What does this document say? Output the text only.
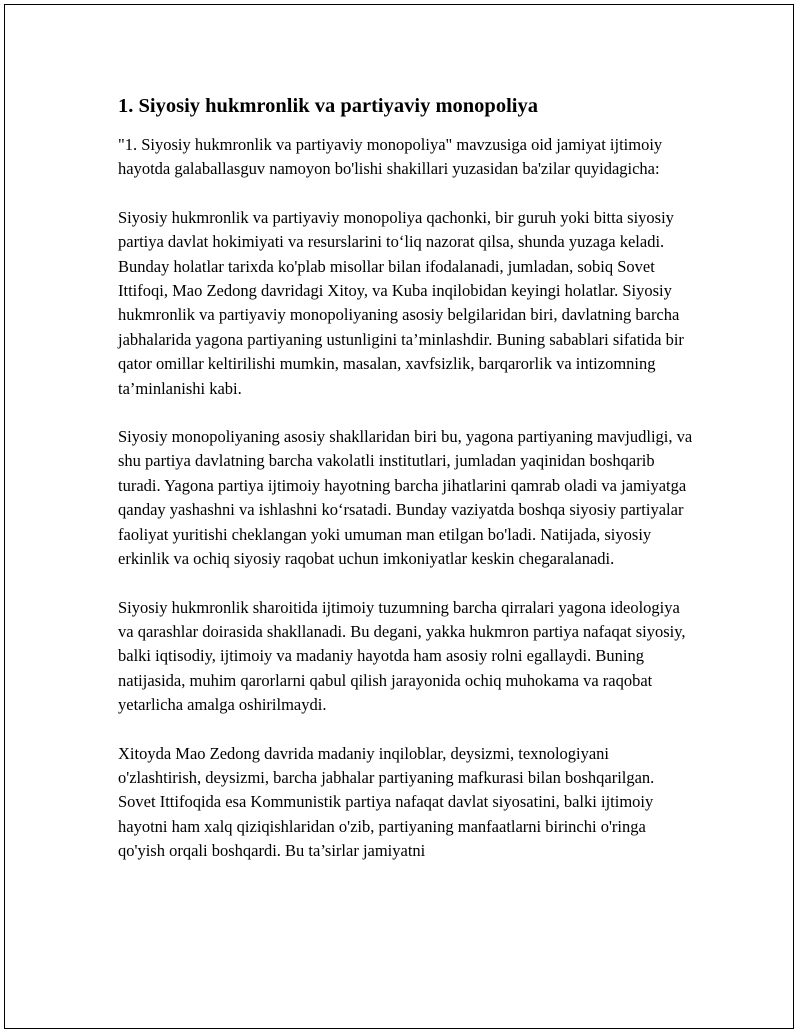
1. Siyosiy hukmronlik va partiyaviy monopoliya

"1. Siyosiy hukmronlik va partiyaviy monopoliya" mavzusiga oid jamiyat ijtimoiy hayotda galaballasguv namoyon bo'lishi shakillari yuzasidan ba'zilar quyidagicha:

Siyosiy hukmronlik va partiyaviy monopoliya qachonki, bir guruh yoki bitta siyosiy partiya davlat hokimiyati va resurslarini to‘liq nazorat qilsa, shunda yuzaga keladi. Bunday holatlar tarixda ko'plab misollar bilan ifodalanadi, jumladan, sobiq Sovet Ittifoqi, Mao Zedong davridagi Xitoy, va Kuba inqilobidan keyingi holatlar. Siyosiy hukmronlik va partiyaviy monopoliyaning asosiy belgilaridan biri, davlatning barcha jabhalarida yagona partiyaning ustunligini ta’minlashdir. Buning sabablari sifatida bir qator omillar keltirilishi mumkin, masalan, xavfsizlik, barqarorlik va intizomning ta’minlanishi kabi.

Siyosiy monopoliyaning asosiy shakllaridan biri bu, yagona partiyaning mavjudligi, va shu partiya davlatning barcha vakolatli institutlari, jumladan yaqinidan boshqarib turadi. Yagona partiya ijtimoiy hayotning barcha jihatlarini qamrab oladi va jamiyatga qanday yashashni va ishlashni ko‘rsatadi. Bunday vaziyatda boshqa siyosiy partiyalar faoliyat yuritishi cheklangan yoki umuman man etilgan bo'ladi. Natijada, siyosiy erkinlik va ochiq siyosiy raqobat uchun imkoniyatlar keskin chegaralanadi.

Siyosiy hukmronlik sharoitida ijtimoiy tuzumning barcha qirralari yagona ideologiya va qarashlar doirasida shakllanadi. Bu degani, yakka hukmron partiya nafaqat siyosiy, balki iqtisodiy, ijtimoiy va madaniy hayotda ham asosiy rolni egallaydi. Buning natijasida, muhim qarorlarni qabul qilish jarayonida ochiq muhokama va raqobat yetarlicha amalga oshirilmaydi.

Xitoyda Mao Zedong davrida madaniy inqiloblar, deysizmi, texnologiyani o'zlashtirish, deysizmi, barcha jabhalar partiyaning mafkurasi bilan boshqarilgan. Sovet Ittifoqida esa Kommunistik partiya nafaqat davlat siyosatini, balki ijtimoiy hayotni ham xalq qiziqishlaridan o'zib, partiyaning manfaatlarni birinchi o'ringa qo'yish orqali boshqardi. Bu ta’sirlar jamiyatni
